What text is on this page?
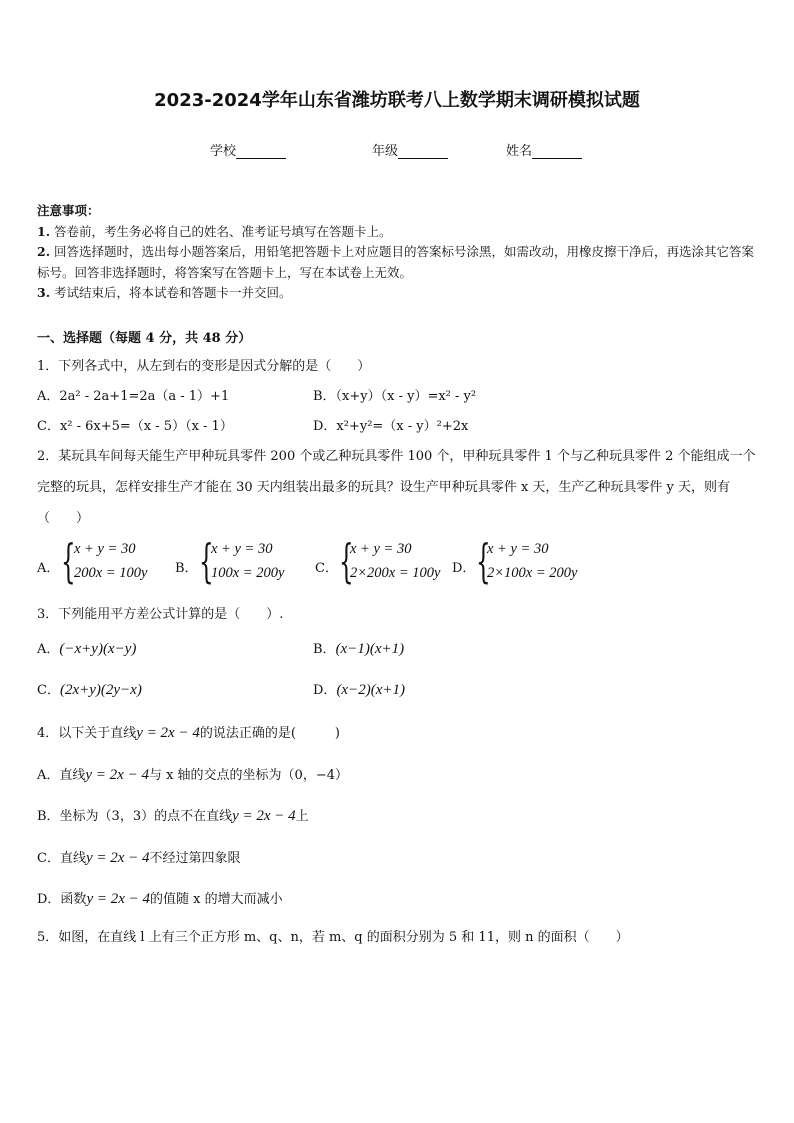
2023-2024学年山东省潍坊联考八上数学期末调研模拟试题
学校	年级	姓名

注意事项：

1. 答卷前，考生务必将自己的姓名、准考证号填写在答题卡上。

2. 回答选择题时，选出每小题答案后，用铅笔把答题卡上对应题目的答案标号涂黑，如需改动，用橡皮擦干净后，再选涂其它答案标号。回答非选择题时，将答案写在答题卡上，写在本试卷上无效。

3. 考试结束后，将本试卷和答题卡一并交回。

一、选择题（每题 4 分，共 48 分）
1．下列各式中，从左到右的变形是因式分解的是（　　）
A．2a² - 2a+1=2a（a - 1）+1	B．（x+y）（x - y）=x² - y²
C．x² - 6x+5=（x - 5）（x - 1）	D．x²+y²=（x - y）²+2x
2．某玩具车间每天能生产甲种玩具零件 200 个或乙种玩具零件 100 个，甲种玩具零件 1 个与乙种玩具零件 2 个能组成一个完整的玩具，怎样安排生产才能在 30 天内组装出最多的玩具？设生产甲种玩具零件 x 天，生产乙种玩具零件 y 天，则有（　　）
A． {
x + y = 30
200x = 100y B． {
x + y = 30
100x = 200y C． {
x + y = 30
2×200x = 100y D． {
x + y = 30
2×100x = 200y
3．下列能用平方差公式计算的是（　　）.
A．(−x+y)(x−y)	B．(x−1)(x+1)
C．(2x+y)(2y−x)	D．(x−2)(x+1)
4．以下关于直线y = 2x − 4的说法正确的是(　　　)
A．直线y = 2x − 4与 x 轴的交点的坐标为（0，−4）
B．坐标为（3，3）的点不在直线y = 2x − 4上
C．直线y = 2x − 4不经过第四象限
D．函数y = 2x − 4的值随 x 的增大而减小
5．如图，在直线 l 上有三个正方形 m、q、n，若 m、q 的面积分别为 5 和 11，则 n 的面积（　　）
